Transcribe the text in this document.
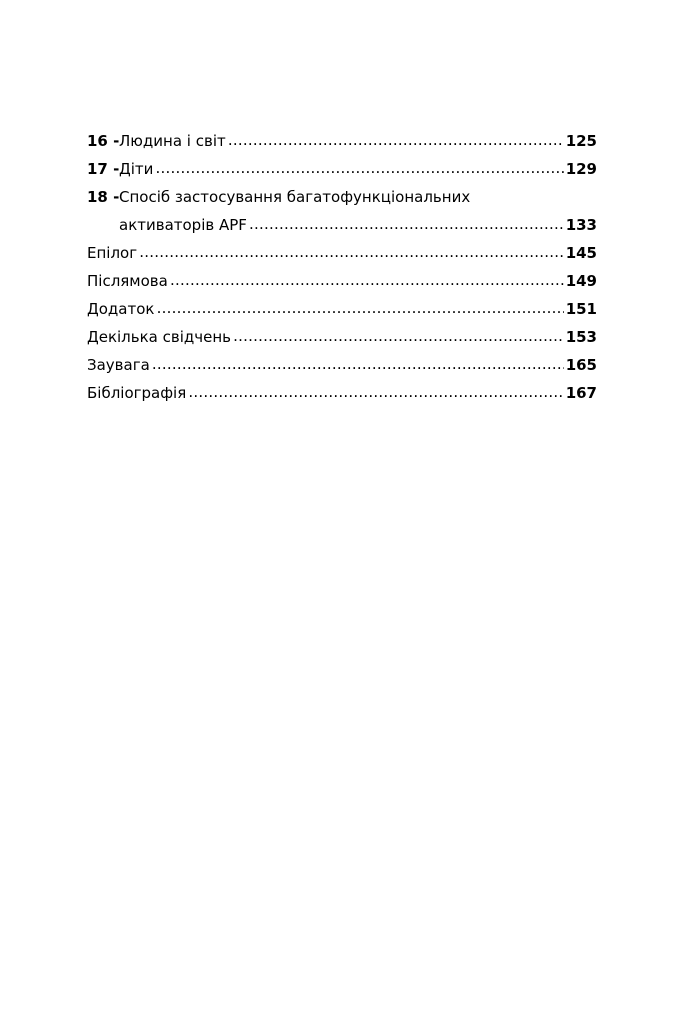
16 - Людина і світ ……………………………………………………………………………………………………………………………………………………………………………………………………	125
17 - Діти ……………………………………………………………………………………………………………………………………………………………………………………………………	129
18 - Спосіб застосування багатофункціональних
активаторів APF ……………………………………………………………………………………………………………………………………………………………………………………………………	133
Епілог ……………………………………………………………………………………………………………………………………………………………………………………………………	145
Післямова ……………………………………………………………………………………………………………………………………………………………………………………………………	149
Додаток ……………………………………………………………………………………………………………………………………………………………………………………………………	151
Декілька свідчень ……………………………………………………………………………………………………………………………………………………………………………………………………	153
Заувага ……………………………………………………………………………………………………………………………………………………………………………………………………	165
Бібліографія ……………………………………………………………………………………………………………………………………………………………………………………………………	167
